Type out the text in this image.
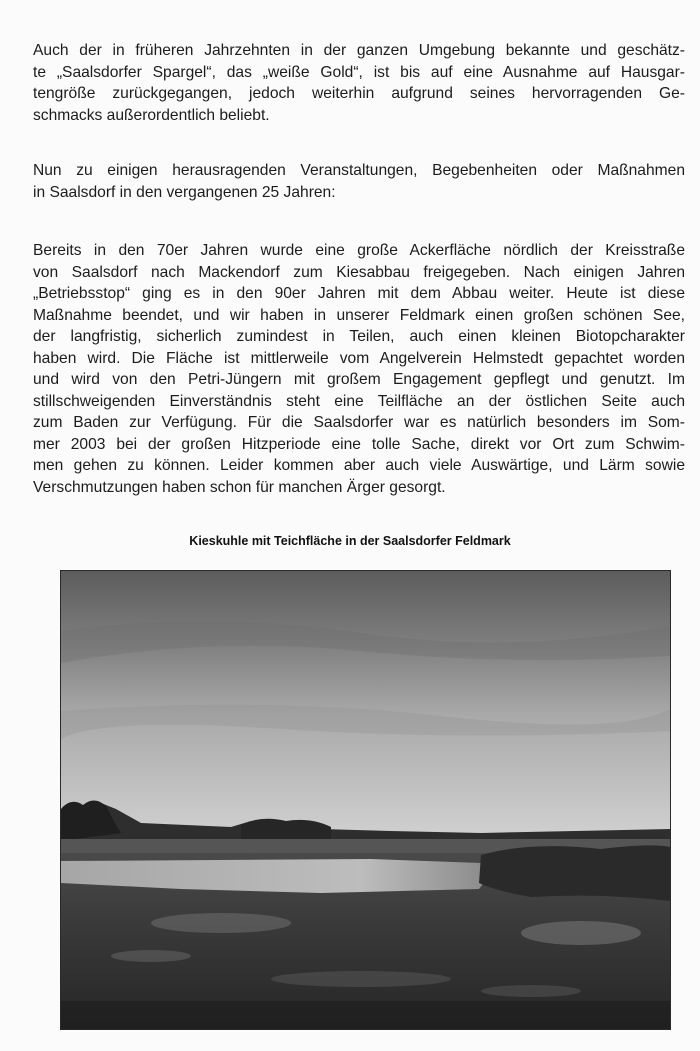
Auch der in früheren Jahrzehnten in der ganzen Umgebung bekannte und geschätz-
te „Saalsdorfer Spargel“, das „weiße Gold“, ist bis auf eine Ausnahme auf Hausgar-
tengröße zurückgegangen, jedoch weiterhin aufgrund seines hervorragenden Ge-
schmacks außerordentlich beliebt.
Nun zu einigen herausragenden Veranstaltungen, Begebenheiten oder Maßnahmen
in Saalsdorf in den vergangenen 25 Jahren:
Bereits in den 70er Jahren wurde eine große Ackerfläche nördlich der Kreisstraße
von Saalsdorf nach Mackendorf zum Kiesabbau freigegeben. Nach einigen Jahren
„Betriebsstop“ ging es in den 90er Jahren mit dem Abbau weiter. Heute ist diese
Maßnahme beendet, und wir haben in unserer Feldmark einen großen schönen See,
der langfristig, sicherlich zumindest in Teilen, auch einen kleinen Biotopcharakter
haben wird. Die Fläche ist mittlerweile vom Angelverein Helmstedt gepachtet worden
und wird von den Petri-Jüngern mit großem Engagement gepflegt und genutzt. Im
stillschweigenden Einverständnis steht eine Teilfläche an der östlichen Seite auch
zum Baden zur Verfügung. Für die Saalsdorfer war es natürlich besonders im Som-
mer 2003 bei der großen Hitzperiode eine tolle Sache, direkt vor Ort zum Schwim-
men gehen zu können. Leider kommen aber auch viele Auswärtige, und Lärm sowie
Verschmutzungen haben schon für manchen Ärger gesorgt.
Kieskuhle mit Teichfläche in der Saalsdorfer Feldmark
